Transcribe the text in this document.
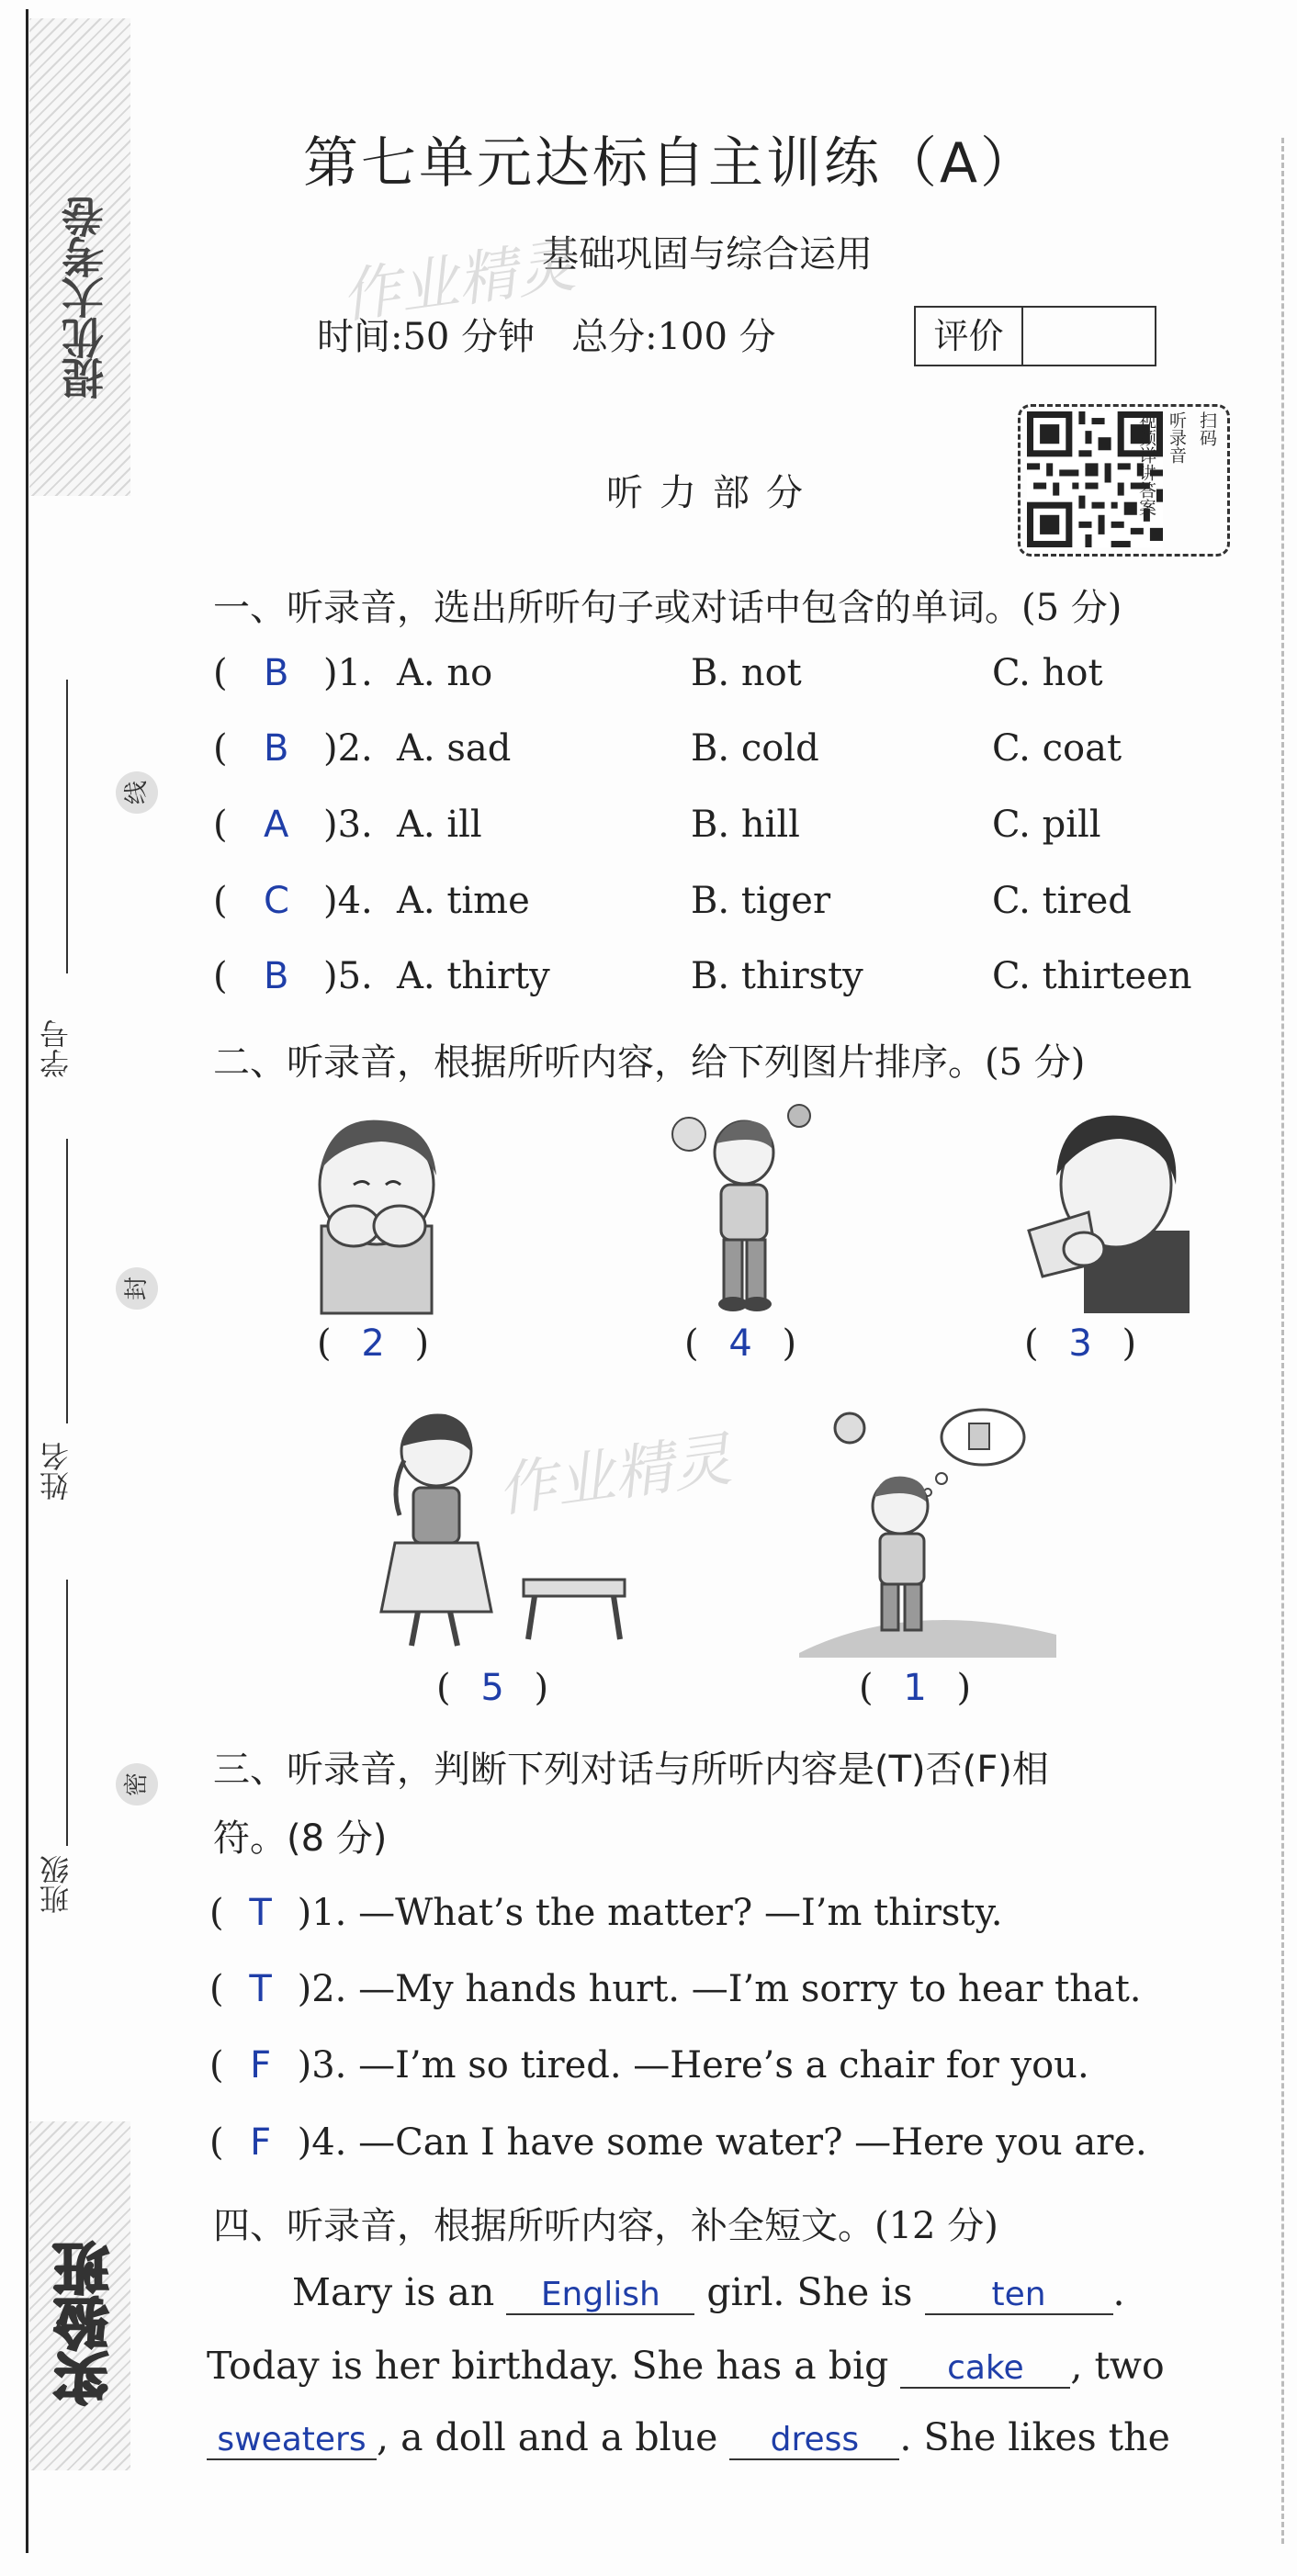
提优大考卷
实验班
线
封
密
学号
姓名
班级
第七单元达标自主训练（A）
基础巩固与综合运用
作业精灵
时间:50 分钟　总分:100 分	评价
扫码
听录音
视频详讲答案
听力部分
一、听录音，选出所听句子或对话中包含的单词。(5 分)
( B )1. A. no	B. not	C. hot
( B )2. A. sad	B. cold	C. coat
( A )3. A. ill	B. hill	C. pill
( C )4. A. time	B. tiger	C. tired
( B )5. A. thirty	B. thirsty	C. thirteen
二、听录音，根据所听内容，给下列图片排序。(5 分)
( 2 )	( 4 )	( 3 )
作业精灵
( 5 )	( 1 )
三、听录音，判断下列对话与所听内容是(T)否(F)相
符。(8 分)
( T )1. —What’s the matter? —I’m thirsty.
( T )2. —My hands hurt. —I’m sorry to hear that.
( F )3. —I’m so tired. —Here’s a chair for you.
( F )4. —Can I have some water? —Here you are.
四、听录音，根据所听内容，补全短文。(12 分)
Mary is an English girl. She is ten .
Today is her birthday. She has a big cake , two
sweaters , a doll and a blue dress . She likes the
